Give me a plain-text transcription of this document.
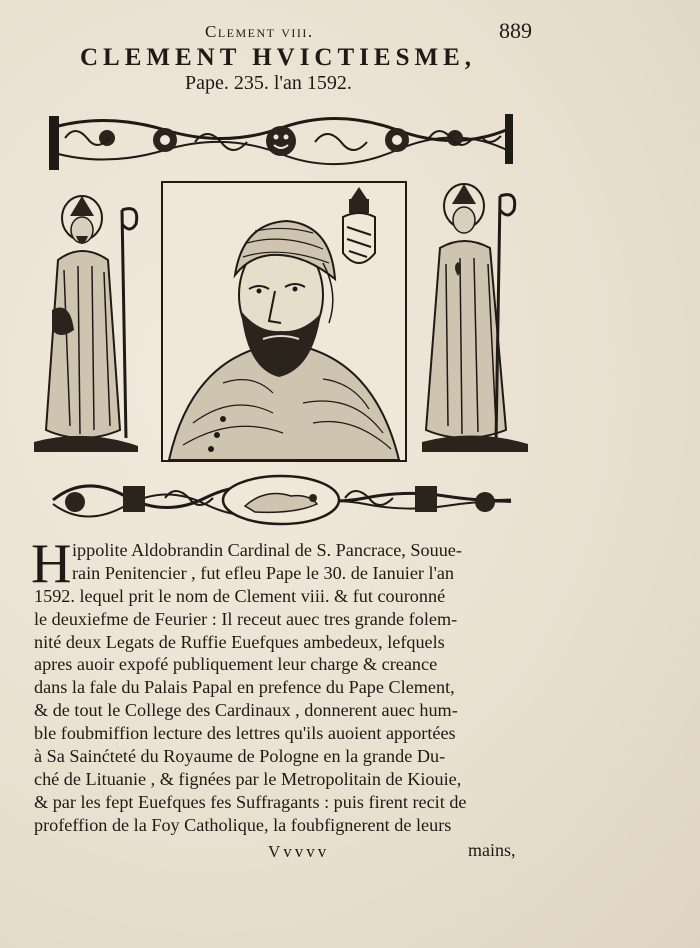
Clement viii.	889
CLEMENT HVICTIESME,
Pape. 235. l'an 1592.
H ippolite Aldobrandin Cardinal de S. Pancrace, Souue-
rain Penitencier , fut efleu Pape le 30. de Ianuier l'an
1592. lequel prit le nom de Clement viii. & fut couronné
le deuxiefme de Feurier : Il receut auec tres grande folem-
nité deux Legats de Ruffie Euefques ambedeux, lefquels
apres auoir expofé publiquement leur charge & creance
dans la fale du Palais Papal en prefence du Pape Clement,
& de tout le College des Cardinaux , donnerent auec hum-
ble foubmiffion lecture des lettres qu'ils auoient apportées
à Sa Sainćteté du Royaume de Pologne en la grande Du-
ché de Lituanie , & fignées par le Metropolitain de Kiouie,
& par les fept Euefques fes Suffragants : puis firent recit de
profeffion de la Foy Catholique, la foubfignerent de leurs
Vvvvv	mains,
